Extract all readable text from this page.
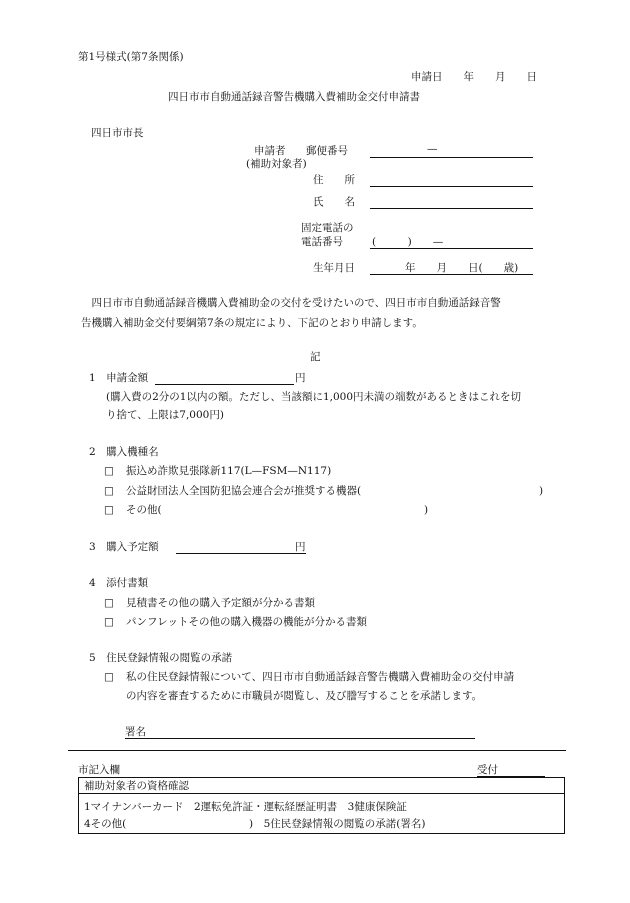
第1号様式(第7条関係)
申請日　　年　　月　　日
四日市市自動通話録音警告機購入費補助金交付申請書
四日市市長
申請者 郵便番号	—
(補助対象者)
住　　所
氏　　名
固定電話の
電話番号	(　　　)　　—
生年月日	年　　月　　日(　　歳)
　四日市市自動通話録音機購入費補助金の交付を受けたいので、四日市市自動通話録音警
告機購入補助金交付要綱第7条の規定により、下記のとおり申請します。
記
1　申請金額	円
(購入費の2分の1以内の額。ただし、当該額に1,000円未満の端数があるときはこれを切
り捨て、上限は7,000円)
2　購入機種名
□ 振込め詐欺見張隊新117(L—FSM—N117)
□ 公益財団法人全国防犯協会連合会が推奨する機器(	)
□ その他(	)
3　購入予定額	円
4　添付書類
□ 見積書その他の購入予定額が分かる書類
□ パンフレットその他の購入機器の機能が分かる書類
5　住民登録情報の閲覧の承諾
□ 私の住民登録情報について、四日市市自動通話録音警告機購入費補助金の交付申請
の内容を審査するために市職員が閲覧し、及び謄写することを承諾します。
署名
市記入欄	受付
補助対象者の資格確認
1マイナンバーカード　2運転免許証・運転経歴証明書　3健康保険証
4その他(	)　5住民登録情報の閲覧の承諾(署名)
